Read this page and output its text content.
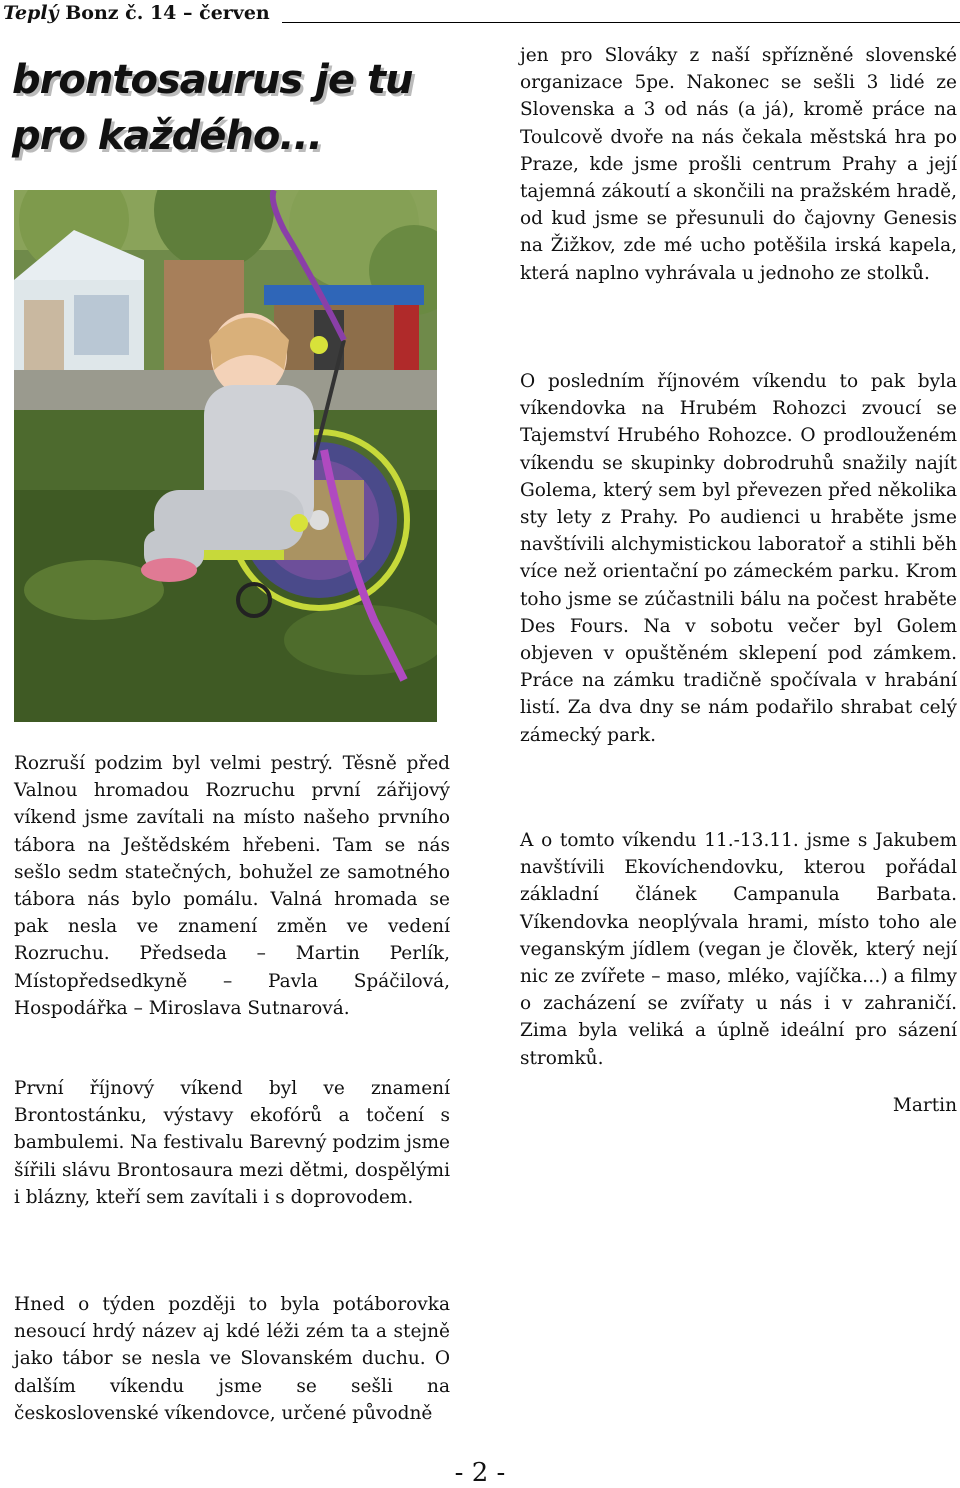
Teplý Bonz č. 14 – červen
brontosaurus je tu
pro každého...

Rozruší podzim byl velmi pestrý. Těsně před Valnou hromadou Rozruchu první zářijový víkend jsme zavítali na místo našeho prvního tábora na Ještědském hřebeni. Tam se nás sešlo sedm statečných, bohužel ze samotného tábora nás bylo pomálu. Valná hromada se pak nesla ve znamení změn ve vedení Rozruchu. Předseda – Martin Perlík, Místopředsedkyně – Pavla Spáčilová, Hospodářka – Miroslava Sutnarová.

První říjnový víkend byl ve znamení Brontostánku, výstavy ekofórů a točení s bambulemi. Na festivalu Barevný podzim jsme šířili slávu Brontosaura mezi dětmi, dospělými i blázny, kteří sem zavítali i s doprovodem.

Hned o týden později to byla potáborovka nesoucí hrdý název aj kdé léži zém ta a stejně jako tábor se nesla ve Slovanském duchu. O dalším víkendu jsme se sešli na československé víkendovce, určené původně

jen pro Slováky z naší spřízněné slovenské organizace 5pe. Nakonec se sešli 3 lidé ze Slovenska a 3 od nás (a já), kromě práce na Toulcově dvoře na nás čekala městská hra po Praze, kde jsme prošli centrum Prahy a její tajemná zákoutí a skončili na pražském hradě, od kud jsme se přesunuli do čajovny Genesis na Žižkov, zde mé ucho potěšila irská kapela, která naplno vyhrávala u jednoho ze stolků.

O posledním říjnovém víkendu to pak byla víkendovka na Hrubém Rohozci zvoucí se Tajemství Hrubého Rohozce. O prodlouženém víkendu se skupinky dobrodruhů snažily najít Golema, který sem byl převezen před několika sty lety z Prahy. Po audienci u hraběte jsme navštívili alchymistickou laboratoř a stihli běh více než orientační po zámeckém parku. Krom toho jsme se zúčastnili bálu na počest hraběte Des Fours. Na v sobotu večer byl Golem objeven v opuštěném sklepení pod zámkem. Práce na zámku tradičně spočívala v hrabání listí. Za dva dny se nám podařilo shrabat celý zámecký park.

A o tomto víkendu 11.-13.11. jsme s Jakubem navštívili Ekovíchendovku, kterou pořádal základní článek Campanula Barbata. Víkendovka neoplývala hrami, místo toho ale veganským jídlem (vegan je člověk, který nejí nic ze zvířete – maso, mléko, vajíčka…) a filmy o zacházení se zvířaty u nás i v zahraničí. Zima byla veliká a úplně ideální pro sázení stromků.

Martin
- 2 -
